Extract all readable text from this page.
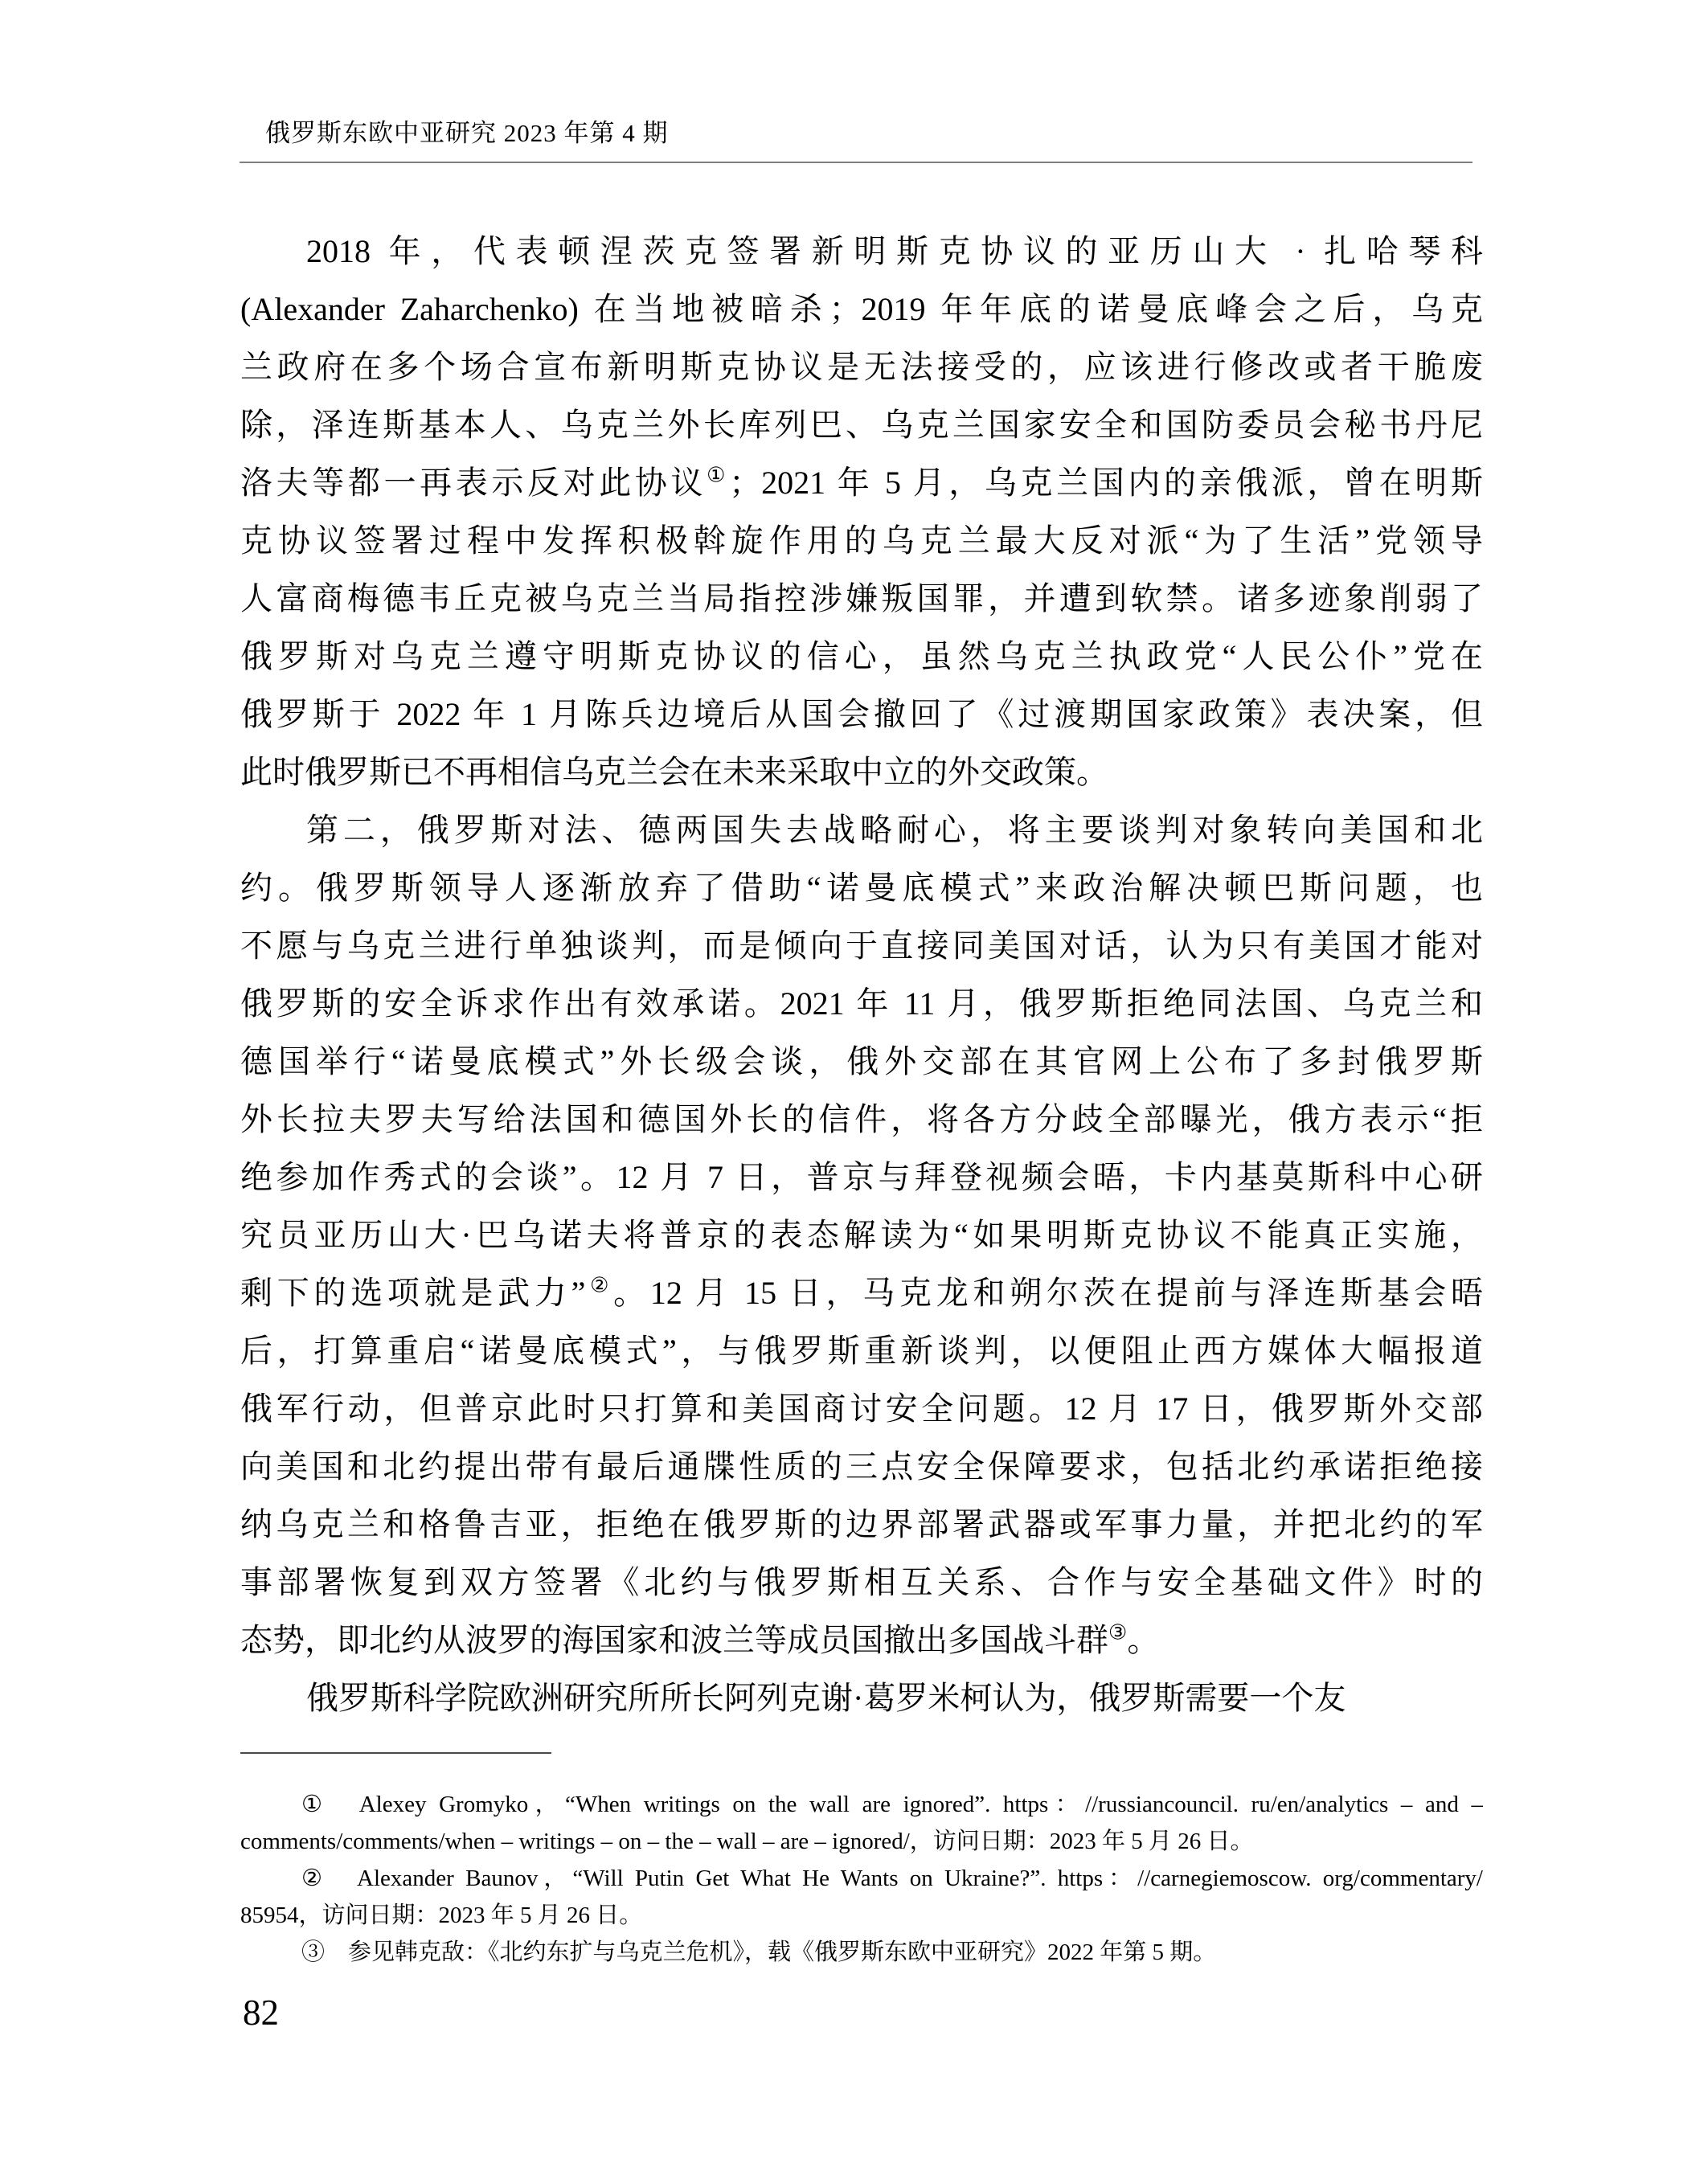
俄罗斯东欧中亚研究 2023 年第 4 期
2018 年，代表顿涅茨克签署新明斯克协议的亚历山大 · 扎哈琴科
(Alexander Zaharchenko) 在当地被暗杀；2019 年年底的诺曼底峰会之后，乌克
兰政府在多个场合宣布新明斯克协议是无法接受的，应该进行修改或者干脆废
除，泽连斯基本人、乌克兰外长库列巴、乌克兰国家安全和国防委员会秘书丹尼
洛夫等都一再表示反对此协议①；2021 年 5 月，乌克兰国内的亲俄派，曾在明斯
克协议签署过程中发挥积极斡旋作用的乌克兰最大反对派“为了生活”党领导
人富商梅德韦丘克被乌克兰当局指控涉嫌叛国罪，并遭到软禁。诸多迹象削弱了
俄罗斯对乌克兰遵守明斯克协议的信心，虽然乌克兰执政党“人民公仆”党在
俄罗斯于 2022 年 1 月陈兵边境后从国会撤回了《过渡期国家政策》表决案，但
此时俄罗斯已不再相信乌克兰会在未来采取中立的外交政策。
第二，俄罗斯对法、德两国失去战略耐心，将主要谈判对象转向美国和北
约。俄罗斯领导人逐渐放弃了借助“诺曼底模式”来政治解决顿巴斯问题，也
不愿与乌克兰进行单独谈判，而是倾向于直接同美国对话，认为只有美国才能对
俄罗斯的安全诉求作出有效承诺。2021 年 11 月，俄罗斯拒绝同法国、乌克兰和
德国举行“诺曼底模式”外长级会谈，俄外交部在其官网上公布了多封俄罗斯
外长拉夫罗夫写给法国和德国外长的信件，将各方分歧全部曝光，俄方表示“拒
绝参加作秀式的会谈”。12 月 7 日，普京与拜登视频会晤，卡内基莫斯科中心研
究员亚历山大·巴乌诺夫将普京的表态解读为“如果明斯克协议不能真正实施，
剩下的选项就是武力”②。12 月 15 日，马克龙和朔尔茨在提前与泽连斯基会晤
后，打算重启“诺曼底模式”，与俄罗斯重新谈判，以便阻止西方媒体大幅报道
俄军行动，但普京此时只打算和美国商讨安全问题。12 月 17 日，俄罗斯外交部
向美国和北约提出带有最后通牒性质的三点安全保障要求，包括北约承诺拒绝接
纳乌克兰和格鲁吉亚，拒绝在俄罗斯的边界部署武器或军事力量，并把北约的军
事部署恢复到双方签署《北约与俄罗斯相互关系、合作与安全基础文件》时的
态势，即北约从波罗的海国家和波兰等成员国撤出多国战斗群③。
俄罗斯科学院欧洲研究所所长阿列克谢·葛罗米柯认为，俄罗斯需要一个友
①　Alexey Gromyko，“When writings on the wall are ignored”. https：//russiancouncil. ru/en/analytics – and –
comments/comments/when – writings – on – the – wall – are – ignored/，访问日期：2023 年 5 月 26 日。
②　Alexander Baunov，“Will Putin Get What He Wants on Ukraine?”. https：//carnegiemoscow. org/commentary/
85954，访问日期：2023 年 5 月 26 日。
③　参见韩克敌：《北约东扩与乌克兰危机》，载《俄罗斯东欧中亚研究》2022 年第 5 期。
82
